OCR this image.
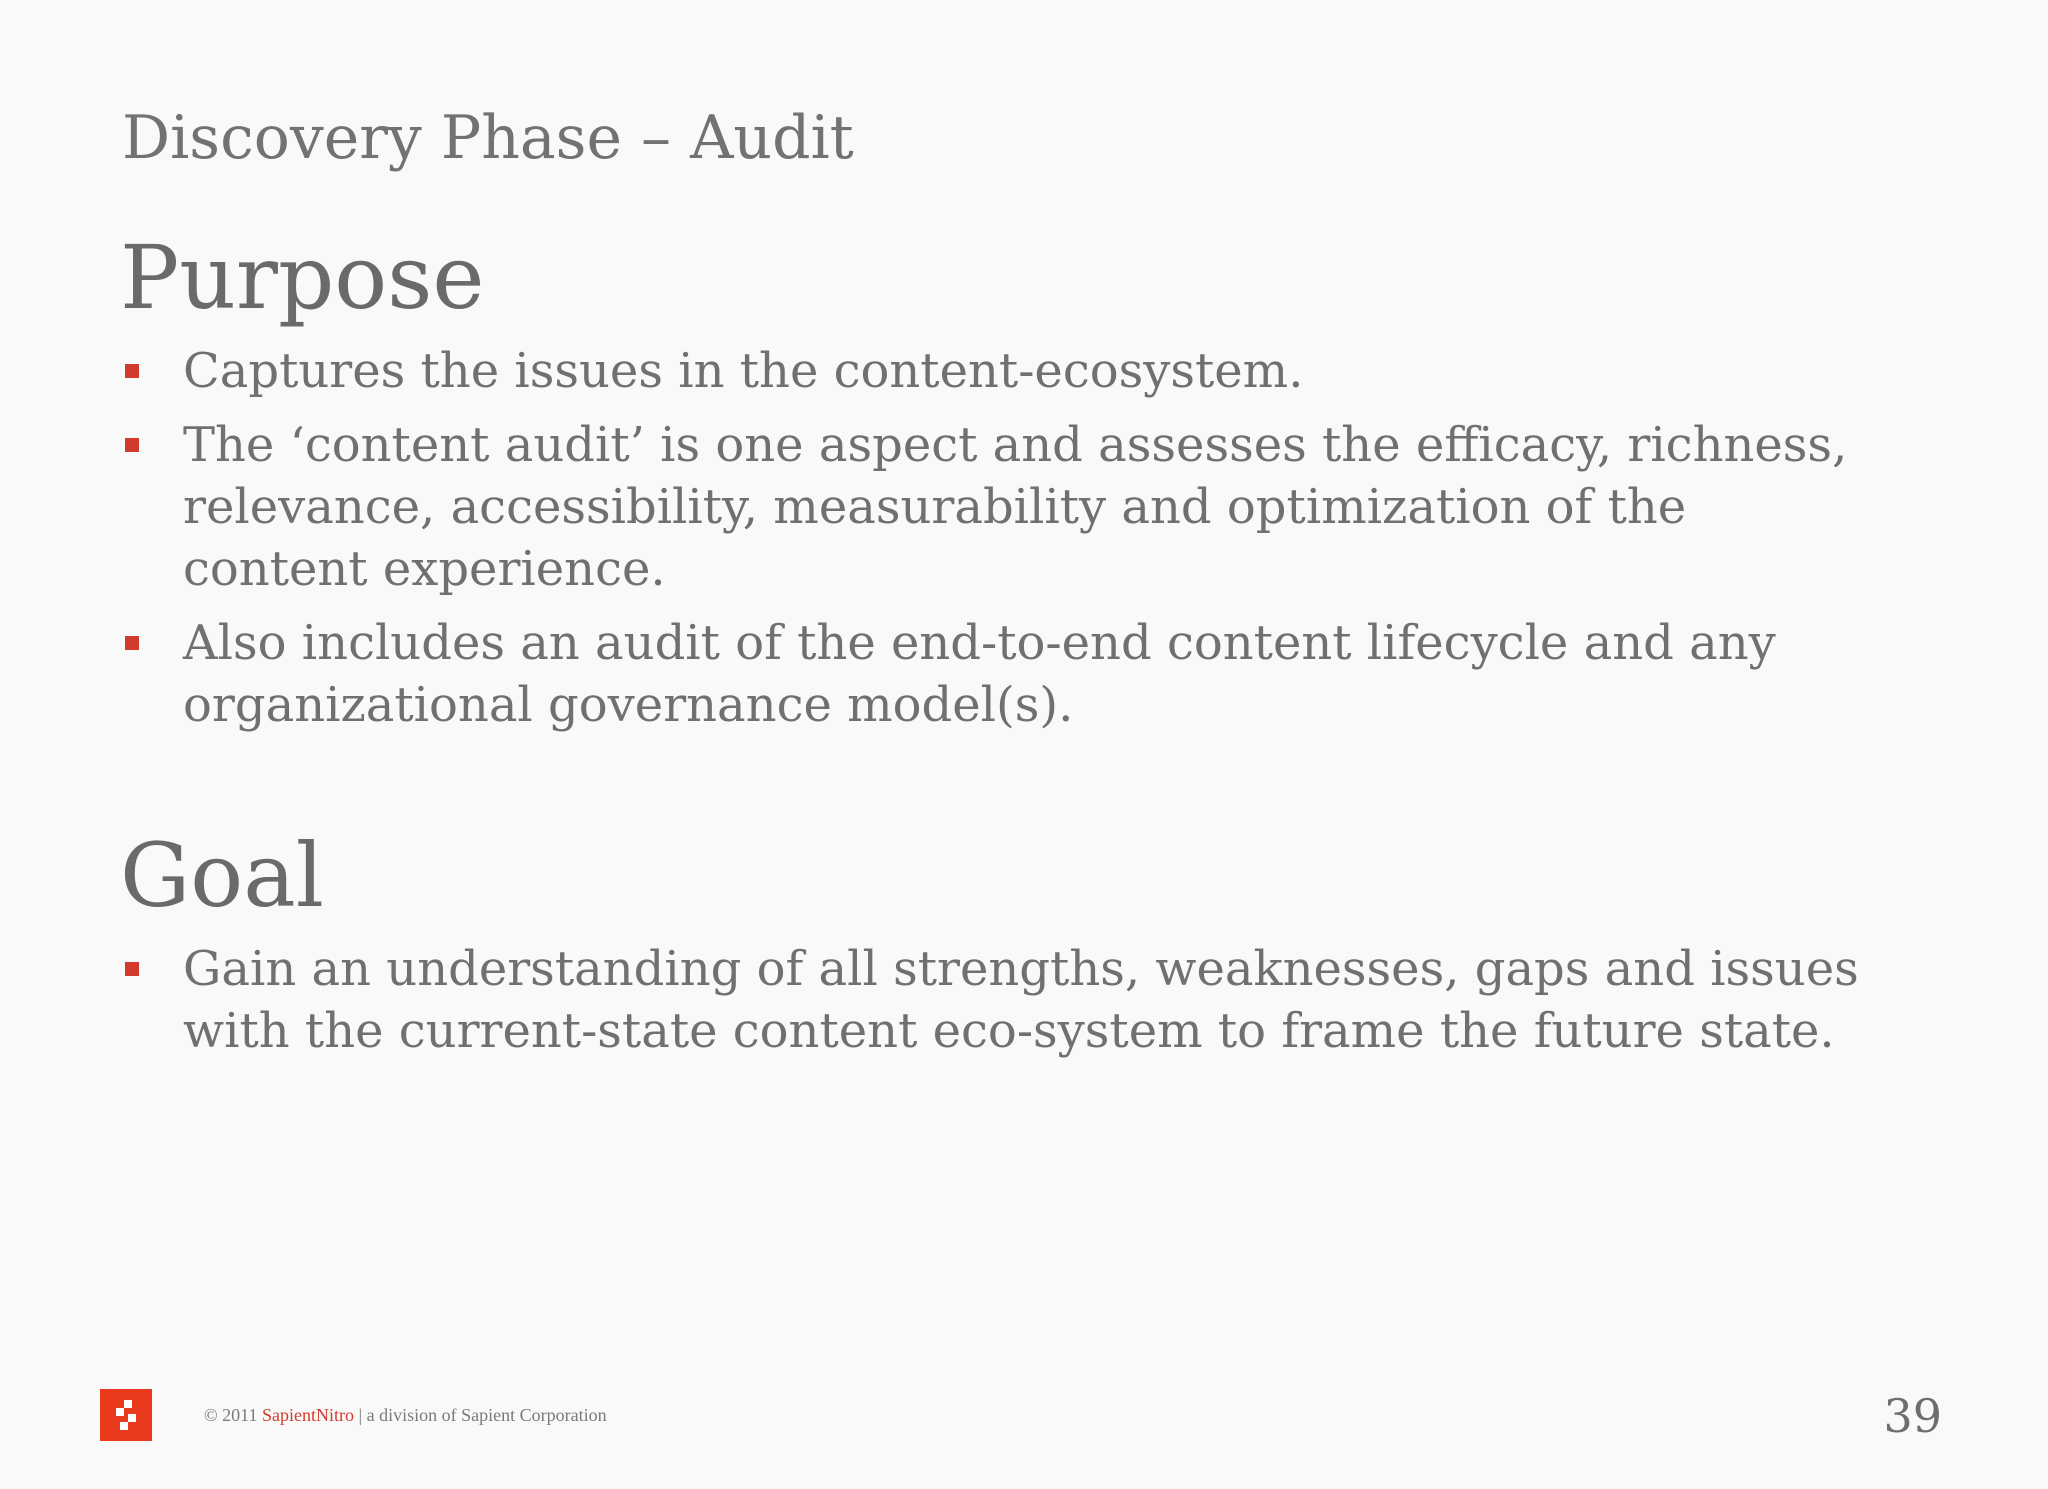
Discovery Phase – Audit
Purpose
Captures the issues in the content-ecosystem.
The ‘content audit’ is one aspect and assesses the efficacy, richness, relevance, accessibility, measurability and optimization of the content experience.
Also includes an audit of the end-to-end content lifecycle and any organizational governance model(s).
Goal
Gain an understanding of all strengths, weaknesses, gaps and issues with the current-state content eco-system to frame the future state.
© 2011 SapientNitro | a division of Sapient Corporation	39
